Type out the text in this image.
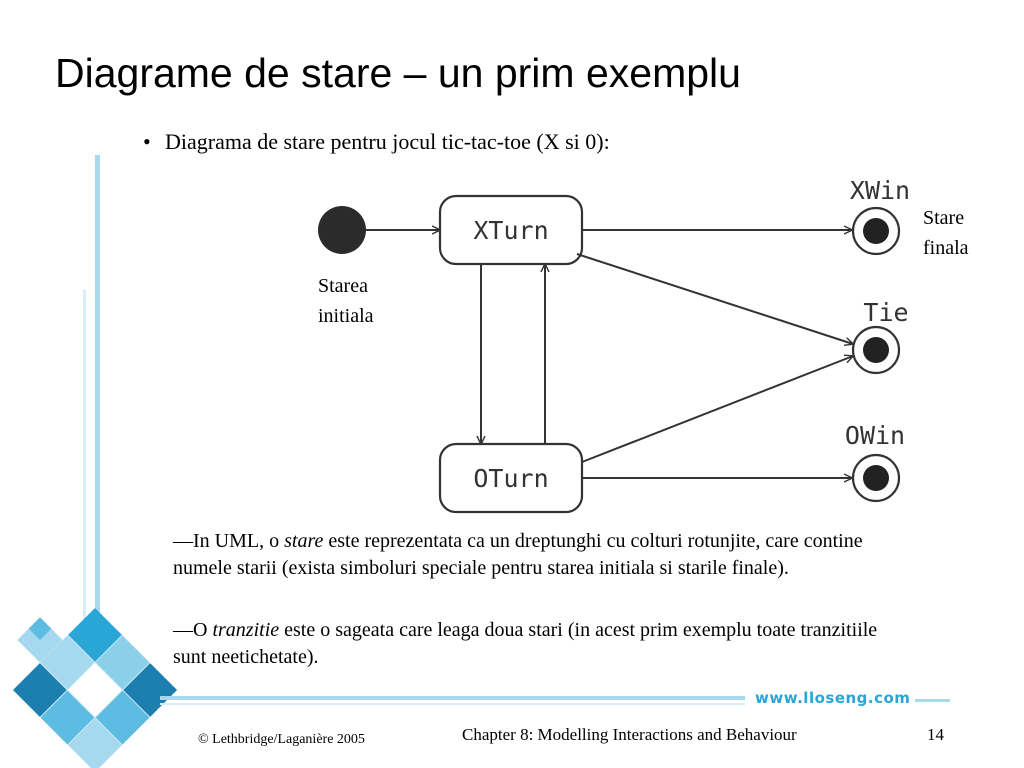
Diagrame de stare – un prim exemplu
• Diagrama de stare pentru jocul tic-tac-toe (X si 0):
XTurn
OTurn
XWin
Tie
OWin
Starea
initiala
Stare
finala
—In UML, o stare este reprezentata ca un dreptunghi cu colturi rotunjite, care contine numele starii (exista simboluri speciale pentru starea initiala si starile finale).
—O tranzitie este o sageata care leaga doua stari (in acest prim exemplu toate tranzitiile sunt neetichetate).
www.lloseng.com
© Lethbridge/Laganière 2005	Chapter 8: Modelling Interactions and Behaviour	14
